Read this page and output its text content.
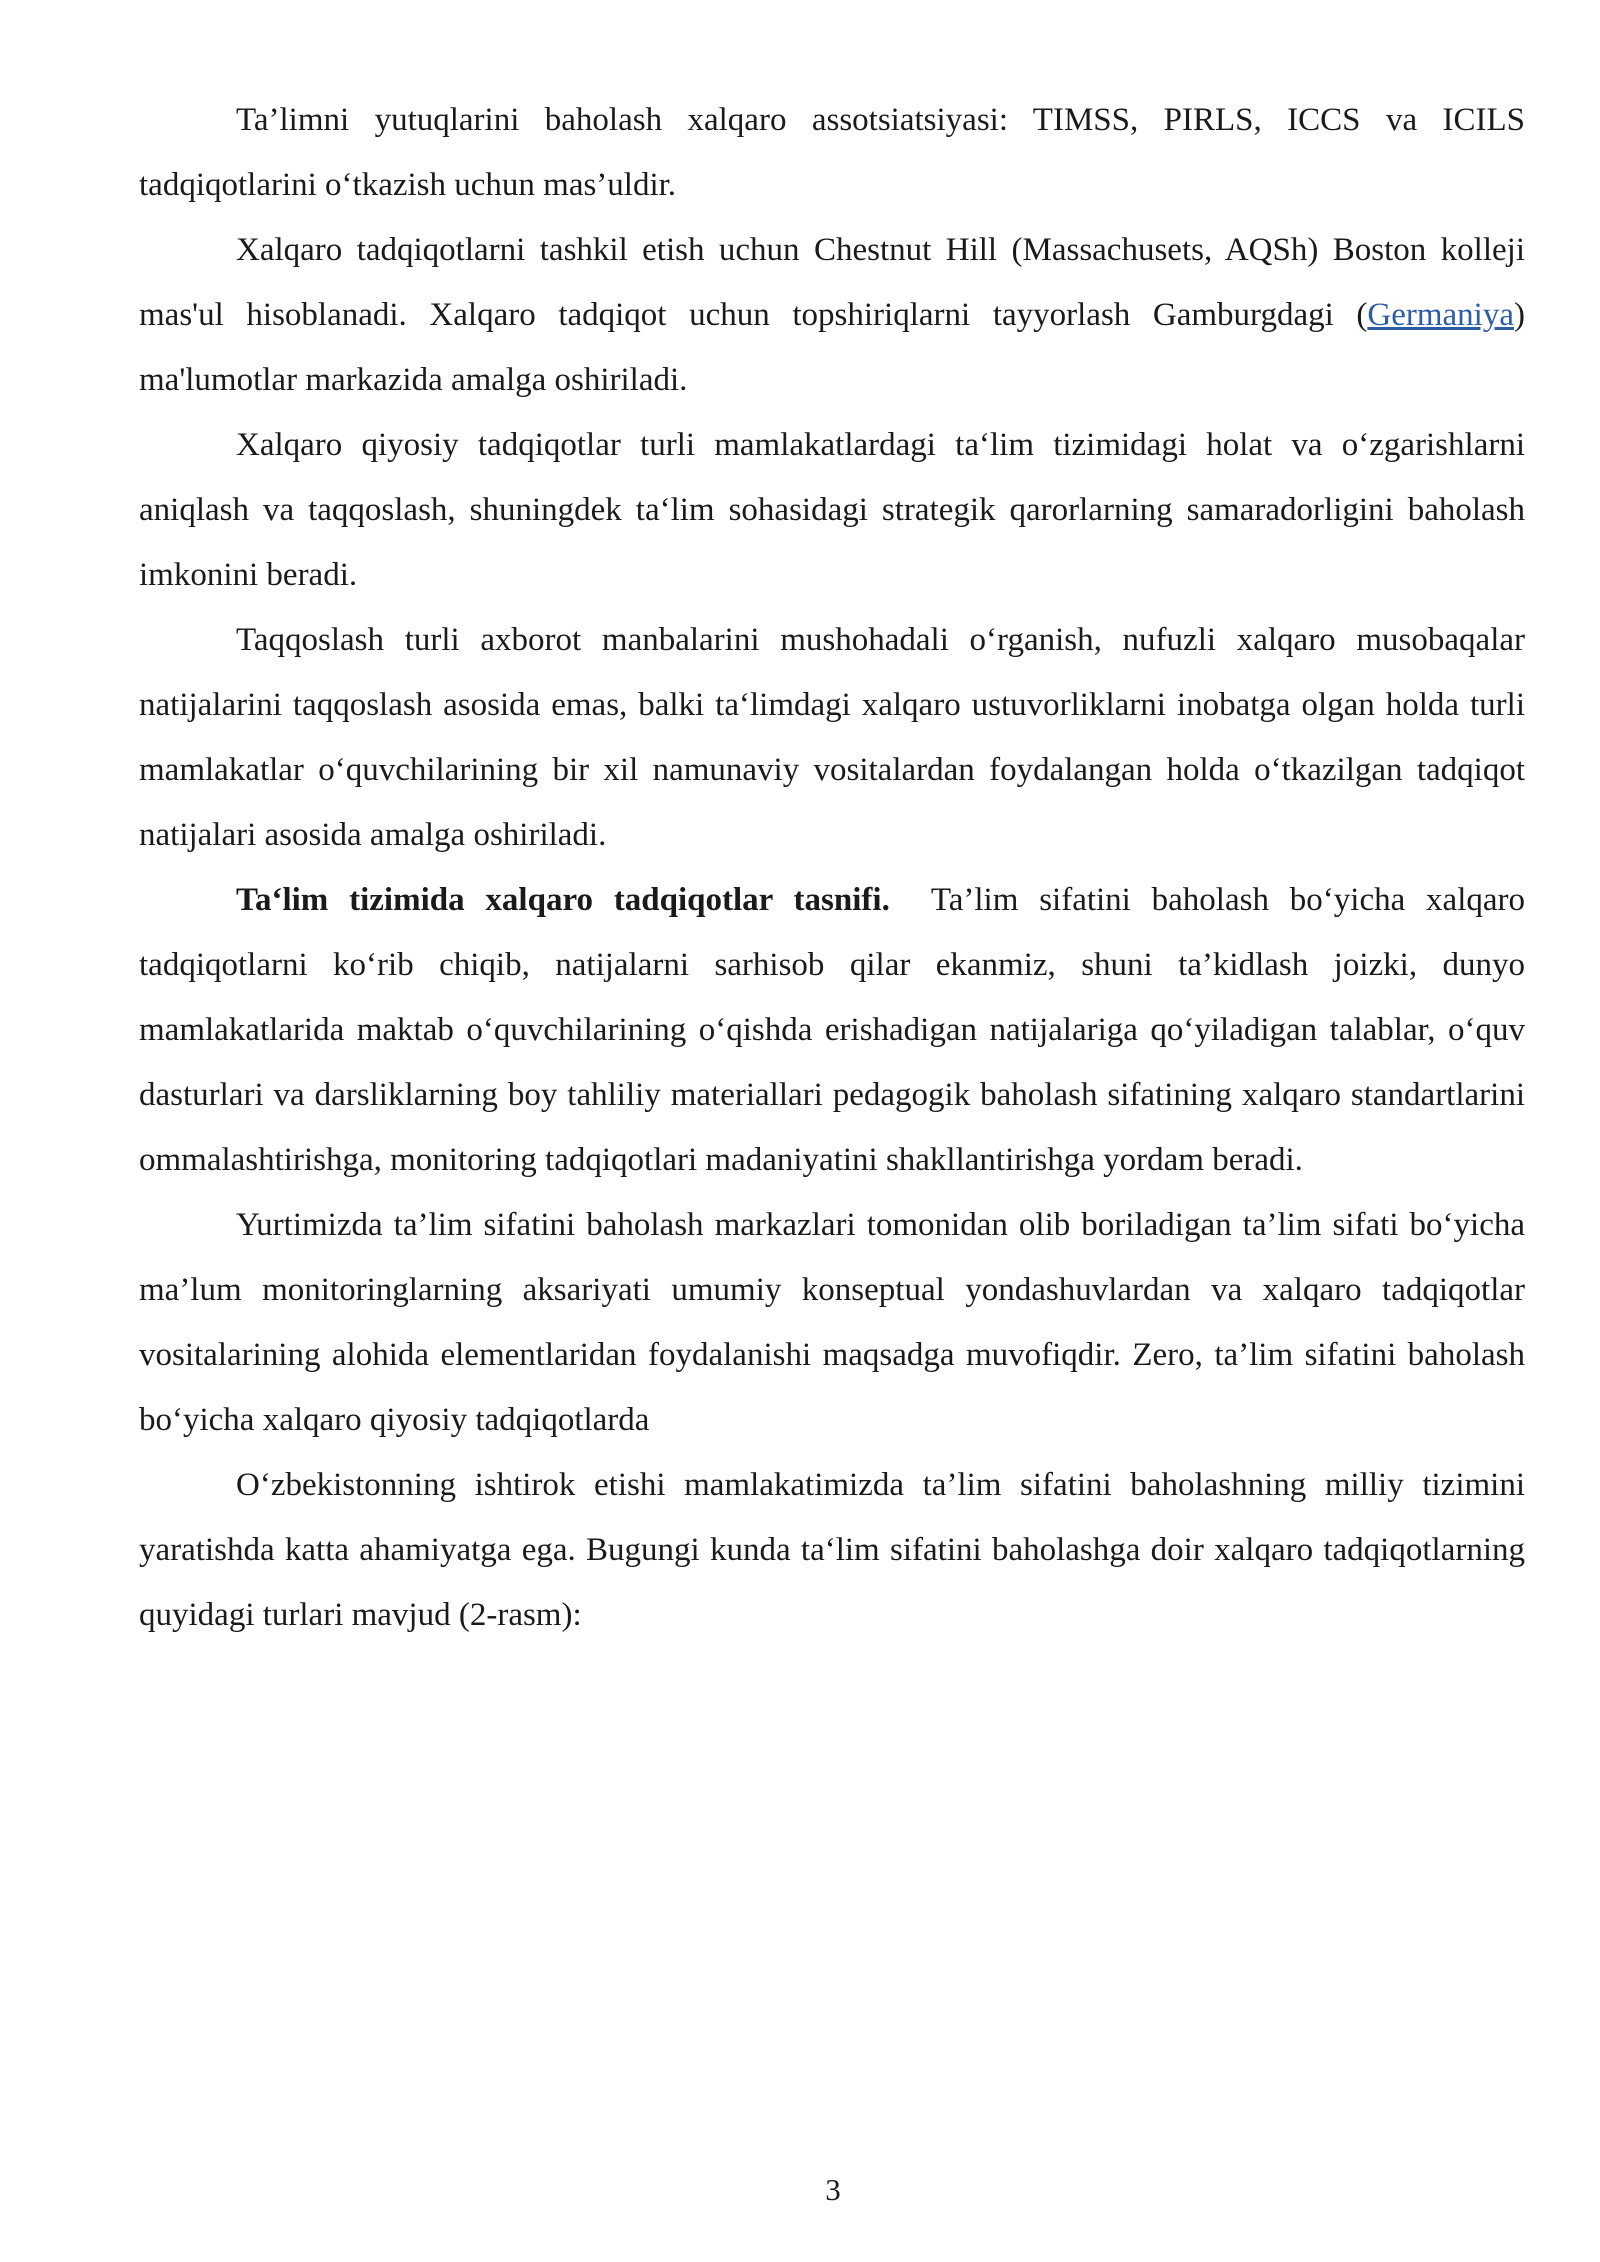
Ta’limni yutuqlarini baholash xalqaro assotsiatsiyasi: TIMSS, PIRLS, ICCS va ICILS tadqiqotlarini o‘tkazish uchun mas’uldir.

Xalqaro tadqiqotlarni tashkil etish uchun Chestnut Hill (Massachusets, AQSh) Boston kolleji mas'ul hisoblanadi. Xalqaro tadqiqot uchun topshiriqlarni tayyorlash Gamburgdagi (Germaniya) ma'lumotlar markazida amalga oshiriladi.

Xalqaro qiyosiy tadqiqotlar turli mamlakatlardagi ta‘lim tizimidagi holat va o‘zgarishlarni aniqlash va taqqoslash, shuningdek ta‘lim sohasidagi strategik qarorlarning samaradorligini baholash imkonini beradi.

Taqqoslash turli axborot manbalarini mushohadali o‘rganish, nufuzli xalqaro musobaqalar natijalarini taqqoslash asosida emas, balki ta‘limdagi xalqaro ustuvorliklarni inobatga olgan holda turli mamlakatlar o‘quvchilarining bir xil namunaviy vositalardan foydalangan holda o‘tkazilgan tadqiqot natijalari asosida amalga oshiriladi.

Ta‘lim tizimida xalqaro tadqiqotlar tasnifi. Ta’lim sifatini baholash bo‘yicha xalqaro tadqiqotlarni ko‘rib chiqib, natijalarni sarhisob qilar ekanmiz, shuni ta’kidlash joizki, dunyo mamlakatlarida maktab o‘quvchilarining o‘qishda erishadigan natijalariga qo‘yiladigan talablar, o‘quv dasturlari va darsliklarning boy tahliliy materiallari pedagogik baholash sifatining xalqaro standartlarini ommalashtirishga, monitoring tadqiqotlari madaniyatini shakllantirishga yordam beradi.

Yurtimizda ta’lim sifatini baholash markazlari tomonidan olib boriladigan ta’lim sifati bo‘yicha ma’lum monitoringlarning aksariyati umumiy konseptual yondashuvlardan va xalqaro tadqiqotlar vositalarining alohida elementlaridan foydalanishi maqsadga muvofiqdir. Zero, ta’lim sifatini baholash bo‘yicha xalqaro qiyosiy tadqiqotlarda

O‘zbekistonning ishtirok etishi mamlakatimizda ta’lim sifatini baholashning milliy tizimini yaratishda katta ahamiyatga ega. Bugungi kunda ta‘lim sifatini baholashga doir xalqaro tadqiqotlarning quyidagi turlari mavjud (2-rasm):

3
